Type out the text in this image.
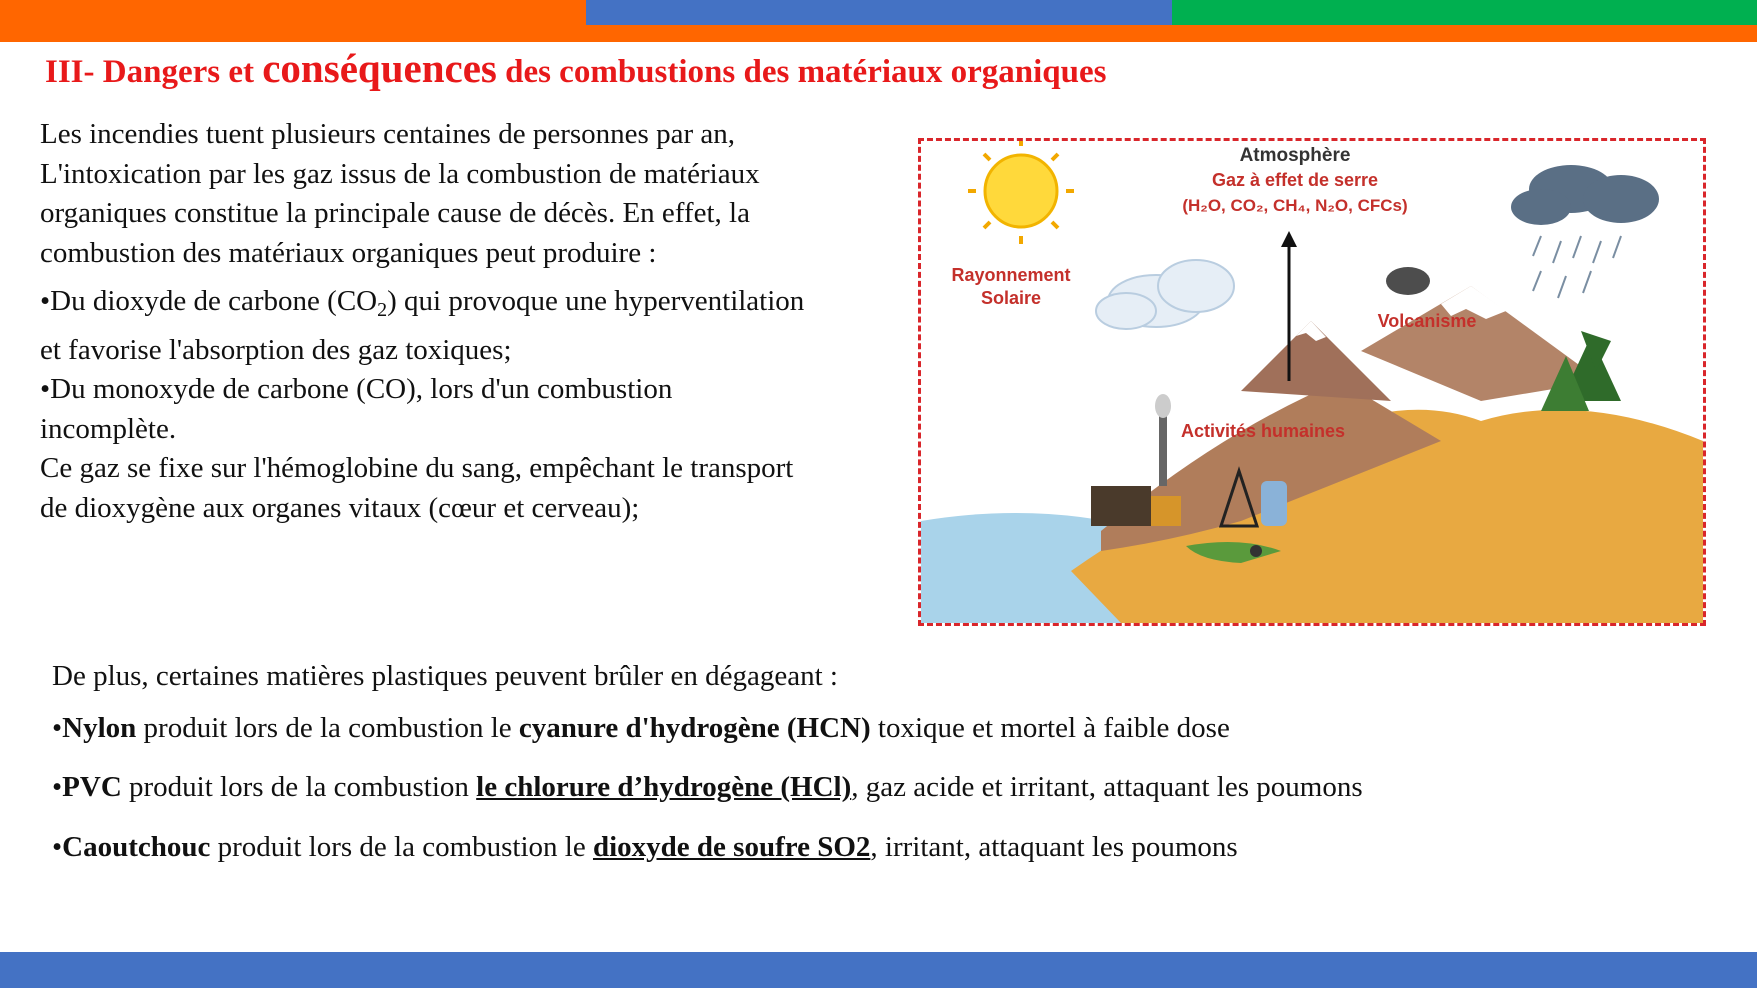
III- Dangers et conséquences des combustions des matériaux organiques

Les incendies tuent plusieurs centaines de personnes par an,

L'intoxication par les gaz issus de la combustion de matériaux

organiques constitue la principale cause de décès. En effet, la

combustion des matériaux organiques peut produire :

•Du dioxyde de carbone $(CO_2)$ qui provoque une hyperventilation

et favorise l'absorption des gaz toxiques;

•Du monoxyde de carbone (CO), lors d'un combustion

incomplète.

Ce gaz se fixe sur l'hémoglobine du sang, empêchant le transport

de dioxygène aux organes vitaux (cœur et cerveau);

Atmosphère
Gaz à effet de serre
(H₂O, CO₂, CH₄, N₂O, CFCs)
Rayonnement
Solaire
Volcanisme
Activités humaines
De plus, certaines matières plastiques peuvent brûler en dégageant :
•Nylon produit lors de la combustion le cyanure d'hydrogène (HCN) toxique et mortel à faible dose
•PVC produit lors de la combustion le chlorure d’hydrogène (HCl), gaz acide et irritant, attaquant les poumons
•Caoutchouc produit lors de la combustion le dioxyde de soufre SO2, irritant, attaquant les poumons
